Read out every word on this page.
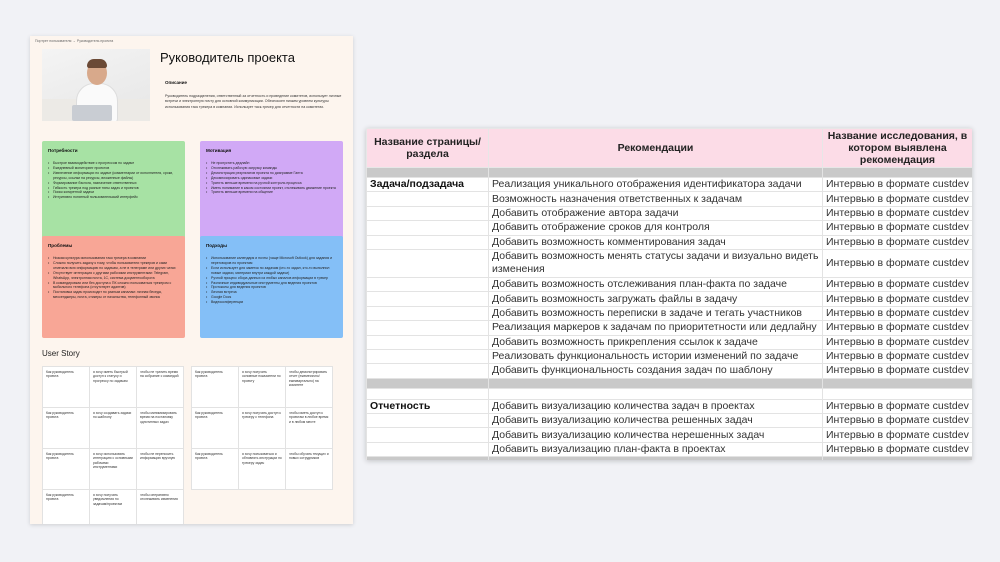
Портрет пользователя → Руководитель проекта
Руководитель проекта
Описание
Руководитель подразделения, ответственный за отчетность и проведение комитетов, использует личные встречи и электронную почту для основной коммуникации. Обеспокоен низким уровнем культуры использования таск трекера в компании. Использует таск-трекер для отчетности на комитетах.
Потребности
• Быстрое взаимодействие с прогрессом по задаче
• Ежедневный мониторинг проектов
• Извлечение информации по задаче (комментарии от исполнителя, сроки, ресурсы, ссылки на ресурсы, вложенные файлы)
• Формирование бэклога, назначение ответственных
• Гибкость трекера под разные типы задач и проектов
• Поиск конкретной задачи
• Интуитивно понятный пользовательский интерфейс
Мотивация
• Не пропустить дедлайн
• Отслеживать рабочую загрузку команды
• Демонстрация результатов проекта по диаграмме Ганта
• Декомпозировать одинаковые задачи
• Тратить меньше времени на ручной контроль процесса
• Иметь понимание в каком состоянии проект, отслеживать движение проекта
• Тратить меньше времени на общение
Проблемы
• Низкая культура использования таск трекера в компании
• Сложно получить задачу к тому, чтобы пользователи трекеров и сами отмечали всю информацию по задачам, а не в телеграме или других чатах
• Отсутствует интеграция с другими рабочими инструментами: Telegram, WhatsApp, электронная почта, 1С, система документооборота
• В командировках или без доступа к ПК сложно пользоваться трекером с мобильного телефона (отсутствует адаптив)
• Постановка задач происходит по разным каналам: личная беседа, мессенджеры, почта, стикеры от начальства, телефонный звонок
Подходы
• Использование календаря и почты (чаще Microsoft Outlook) для задания и переговоров по проектам
• Если использует для заметок по задачам (кто-то задал, кто-то выполнил новые задачи, материал внутри каждой задачи)
• Ручной процесс сбора данных из любых каналов информации в трекер
• Различные индивидуальные инструменты для ведения проектов
• Протоколы для ведения проектов
• Личная встреча
• Google Docs
• Видеоконференции
User Story
Как руководитель проекта	я хочу иметь быстрый доступ к статусу и прогрессу по задачам	чтобы не тратить время на собрание с командой
Как руководитель проекта	я хочу создавать задачи по шаблону	чтобы минимизировать время на постановку однотипных задач
Как руководитель проекта	я хочу использовать интеграцию с основными рабочими инструментами	чтобы не переносить информацию вручную
Как руководитель проекта	я хочу получать уведомления по задачам/проектам	чтобы оперативно отслеживать изменения
Как руководитель проекта	я хочу получить основные показатели по проекту	чтобы демонстрировать отчет (ежемесячно/ежеквартально) на комитете
Как руководитель проекта	я хочу получать доступ к трекеру с телефона	чтобы иметь доступ к проектам в любое время и в любом месте
Как руководитель проекта	я хочу пользоваться и обновлять инструкции по трекеру задач	чтобы обучать текущих и новых сотрудников
Название страницы/раздела	Рекомендации	Название исследования, в котором выявлена рекомендация

Задача/подзадача	Реализация уникального отображения идентификатора задачи	Интервью в формате custdev
	Возможность назначения ответственных к задачам	Интервью в формате custdev
	Добавить отображение автора задачи	Интервью в формате custdev
	Добавить отображение сроков для контроля	Интервью в формате custdev
	Добавить возможность комментирования задач	Интервью в формате custdev
	Добавить возможность менять статусы задачи и визуально видеть изменения	Интервью в формате custdev
	Добавить возможность отслеживания план-факта по задаче	Интервью в формате custdev
	Добавить возможность загружать файлы в задачу	Интервью в формате custdev
	Добавить возможность переписки в задаче и тегать участников	Интервью в формате custdev
	Реализация маркеров к задачам по приоритетности или дедлайну	Интервью в формате custdev
	Добавить возможность прикрепления ссылок к задаче	Интервью в формате custdev
	Реализовать функциональность истории изменений по задаче	Интервью в формате custdev
	Добавить функциональность создания задач по шаблону	Интервью в формате custdev

Отчетность	Добавить визуализацию количества задач в проектах	Интервью в формате custdev
	Добавить визуализацию количества решенных задач	Интервью в формате custdev
	Добавить визуализацию количества нерешенных задач	Интервью в формате custdev
	Добавить визуализацию план-факта в проектах	Интервью в формате custdev
